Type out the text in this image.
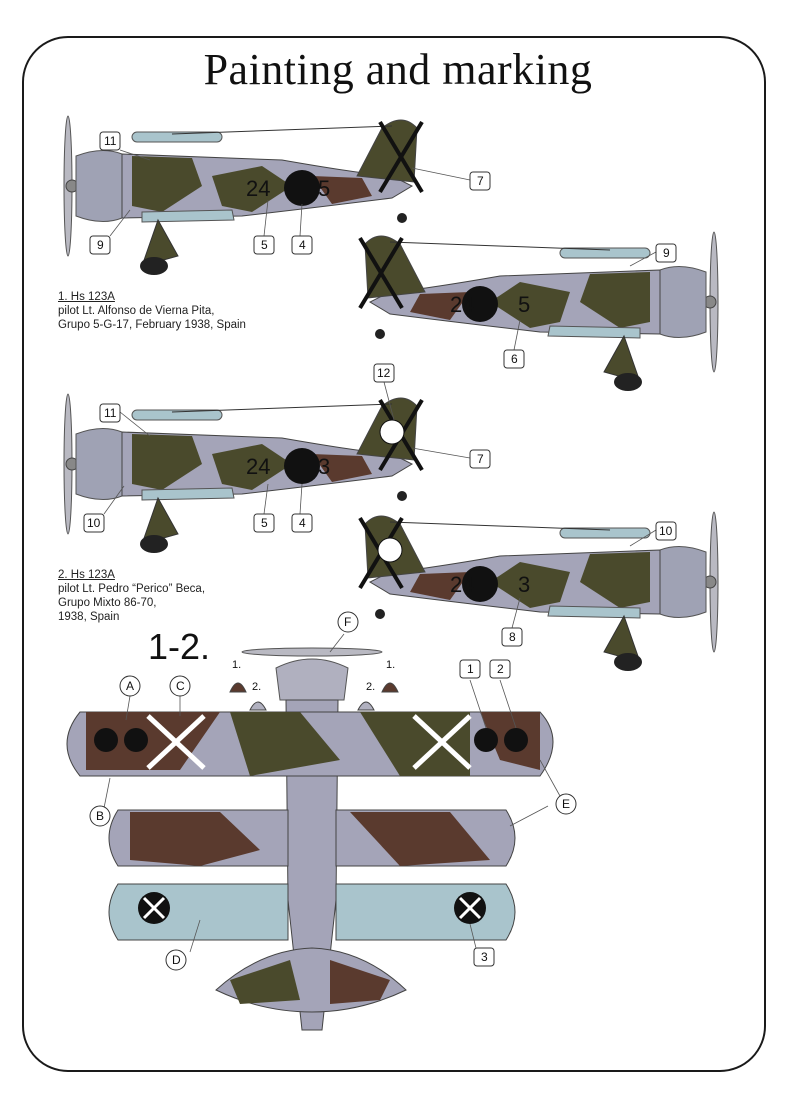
Painting and marking
24 5
24 5
24 3
24 3
1.
2.
1.
2.
11
9	5	4
7
9
6
11
12
7
10	5	4
10
8
1 2
3
A	C
B
E
D
F
1. Hs 123A
pilot Lt. Alfonso de Vierna Pita,
Grupo 5-G-17, February 1938, Spain
2. Hs 123A
pilot Lt. Pedro “Perico” Beca,
Grupo Mixto 86-70,
1938, Spain
1-2.
